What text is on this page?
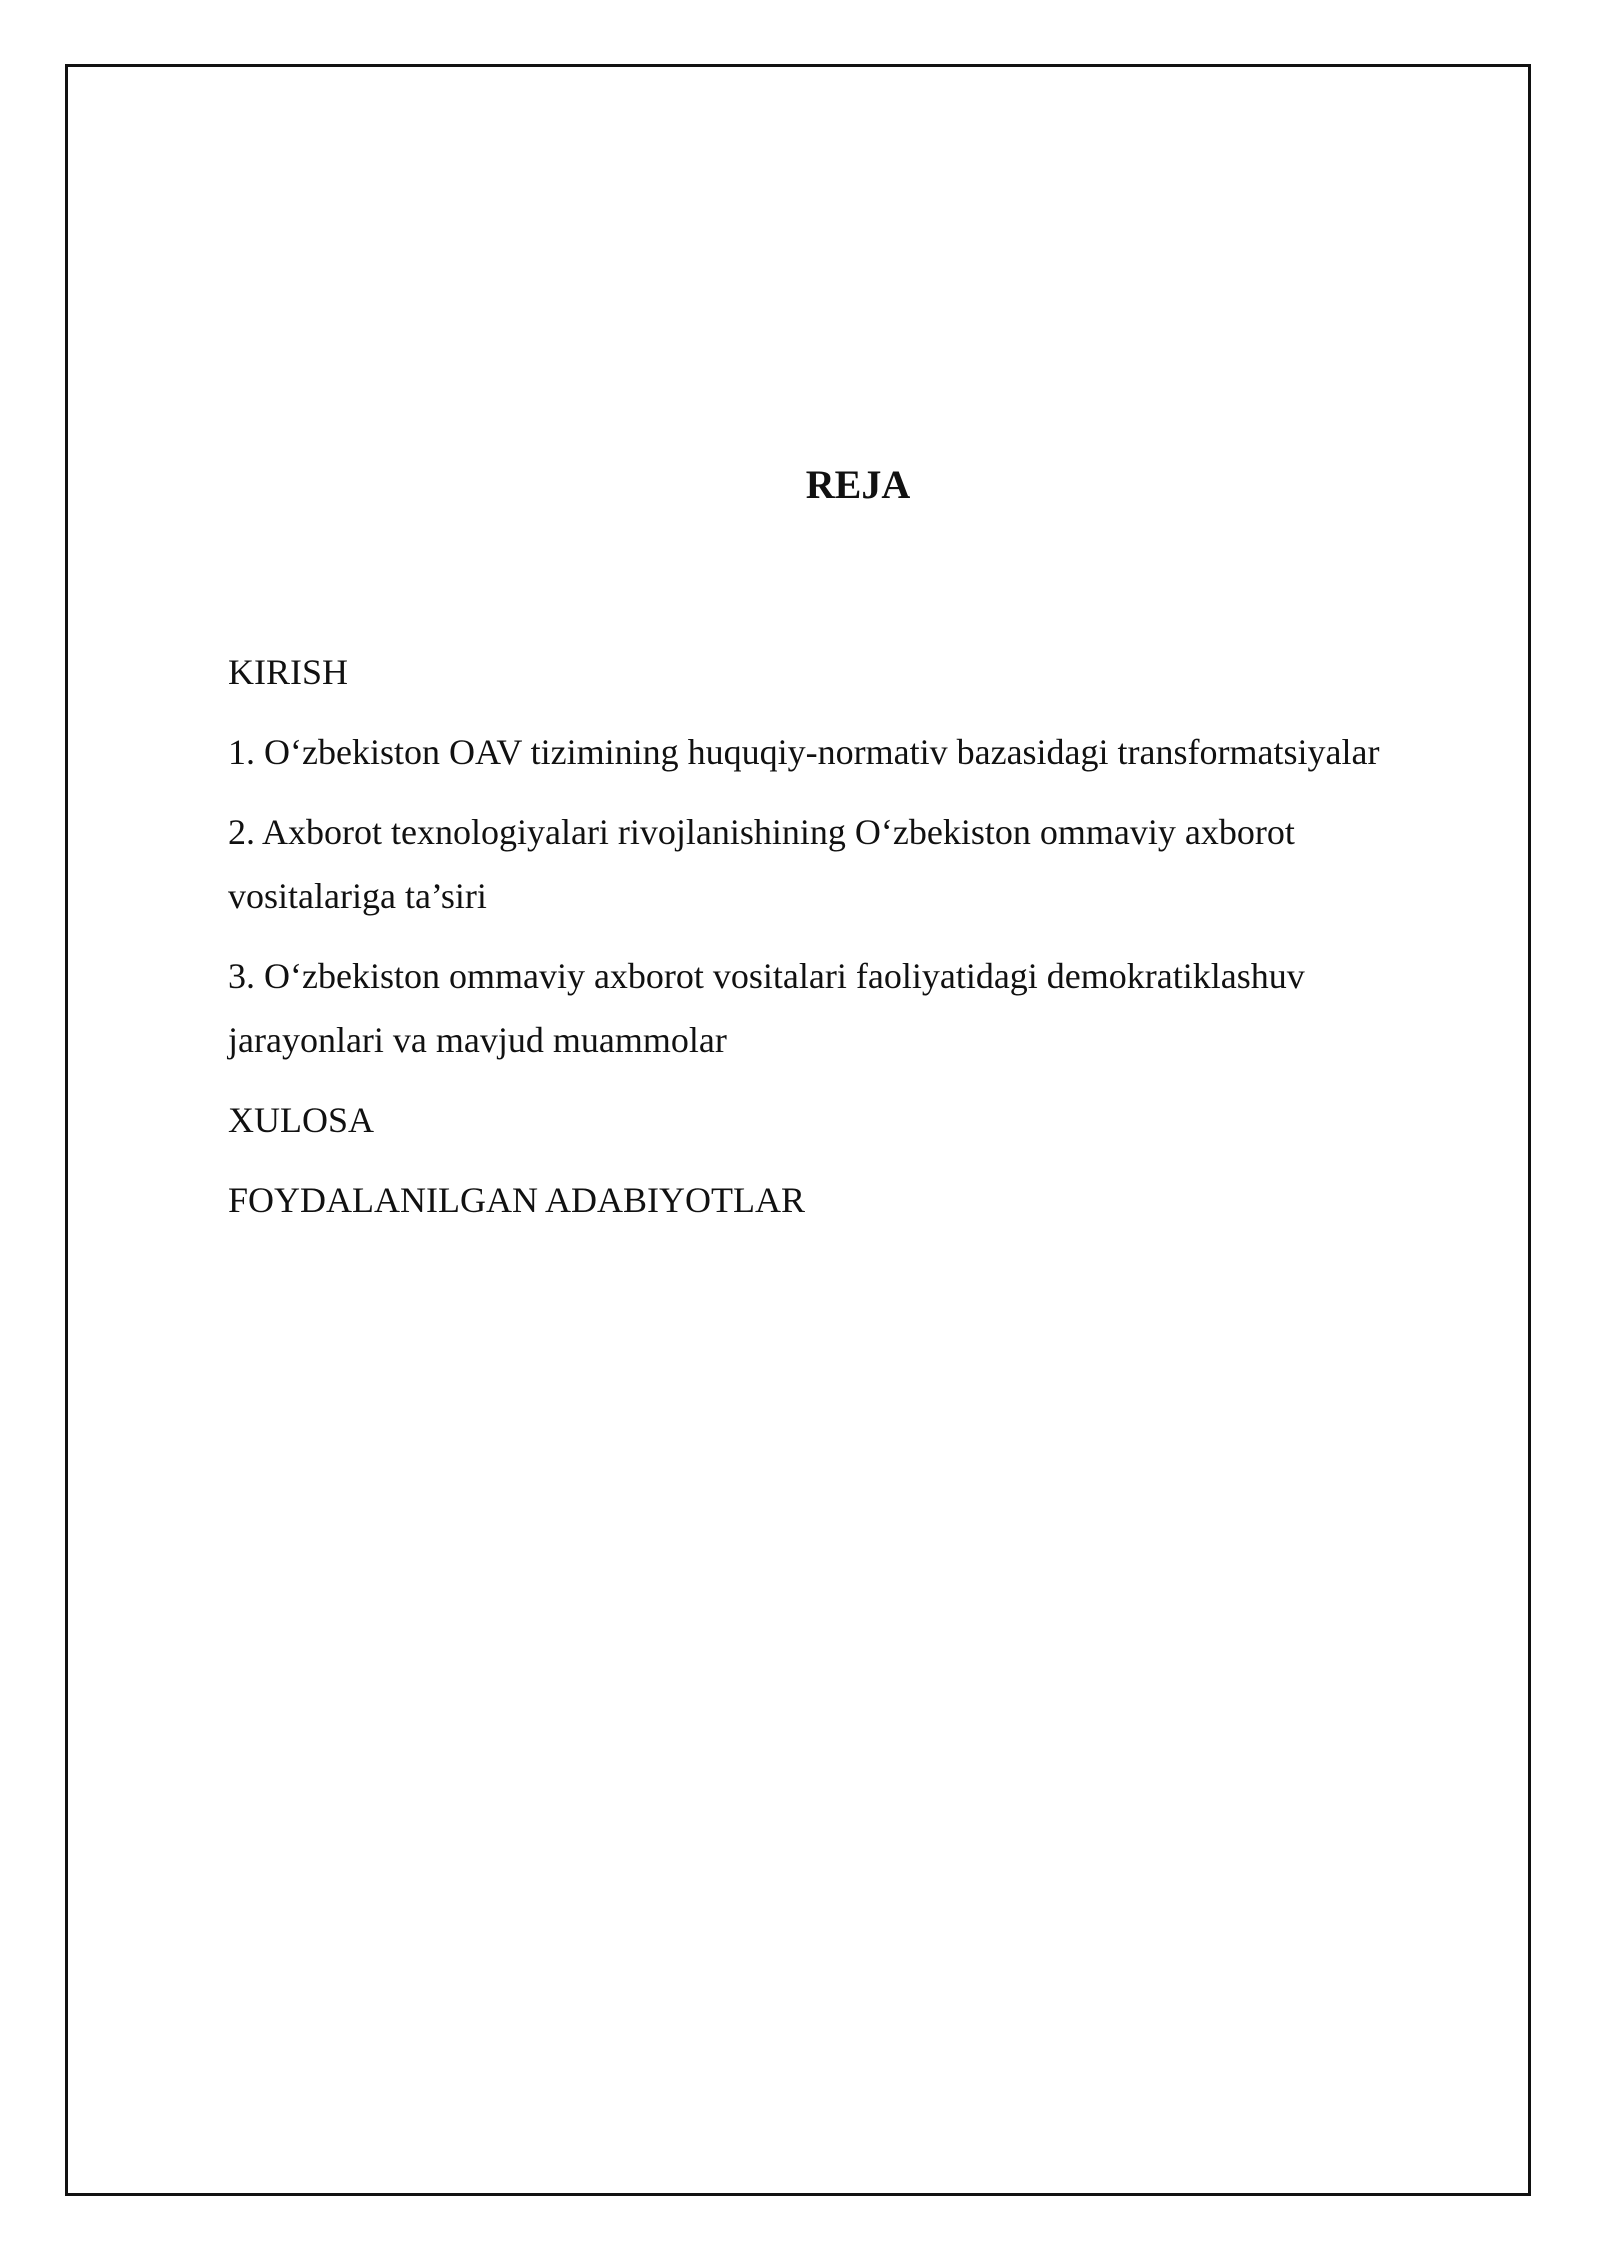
REJA
KIRISH
1. O‘zbekiston OAV tizimining huquqiy-normativ bazasidagi transformatsiyalar
2. Axborot texnologiyalari rivojlanishining O‘zbekiston ommaviy axborot vositalariga ta’siri
3. O‘zbekiston ommaviy axborot vositalari faoliyatidagi demokratiklashuv jarayonlari va mavjud muammolar
XULOSA
FOYDALANILGAN ADABIYOTLAR
